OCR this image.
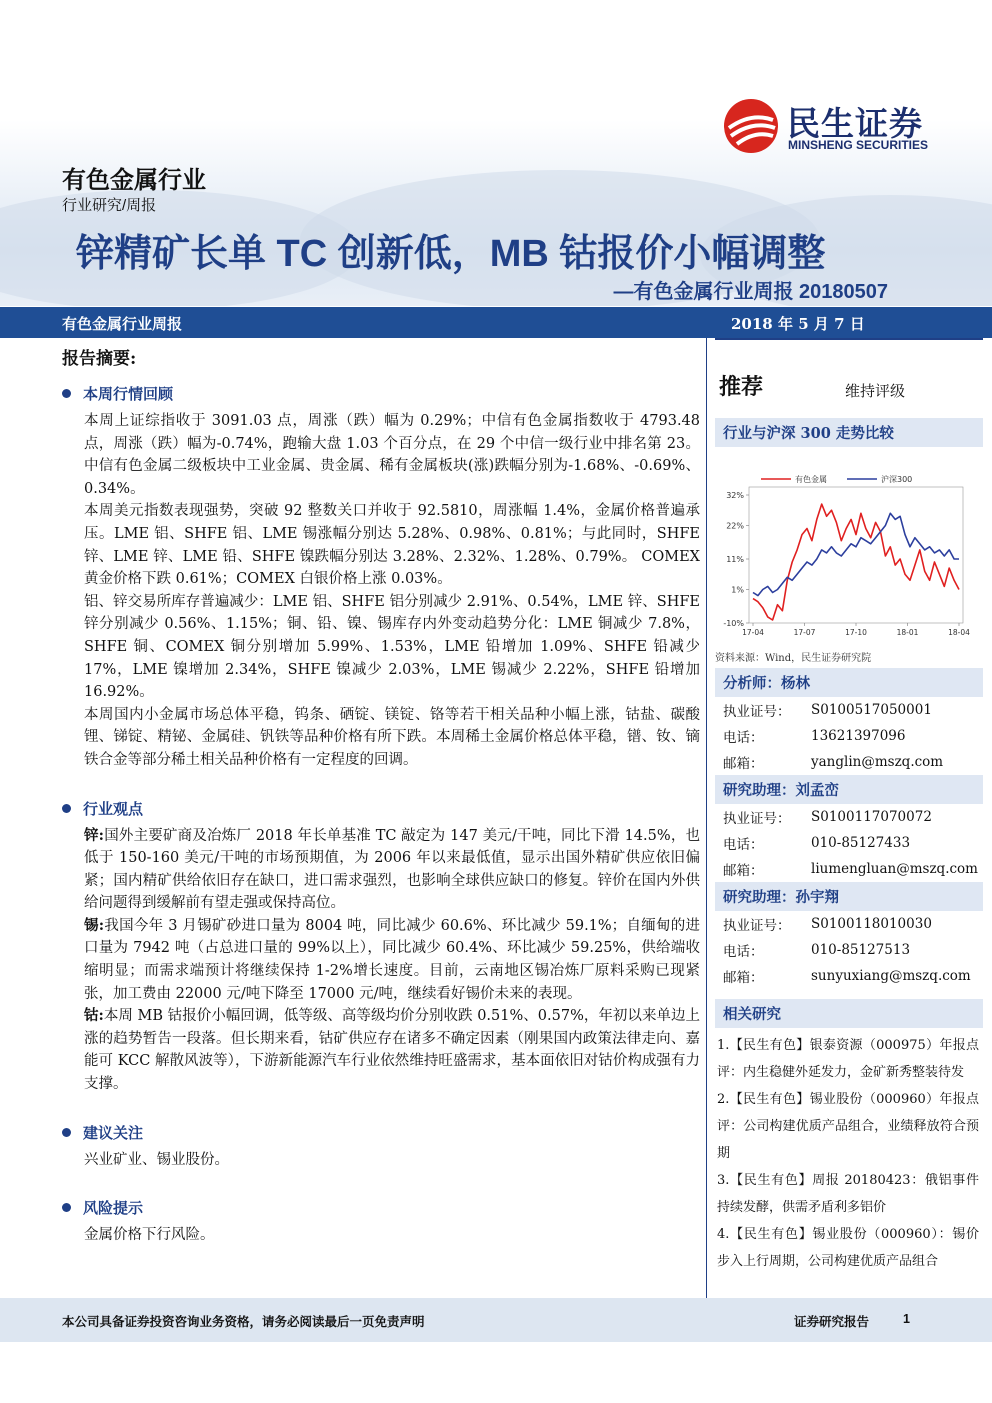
民生证券
MINSHENG SECURITIES
有色金属行业
行业研究/周报
锌精矿长单 TC 创新低，MB 钴报价小幅调整
—有色金属行业周报 20180507
有色金属行业周报	2018 年 5 月 7 日
报告摘要:
本周行情回顾

本周上证综指收于 3091.03 点，周涨（跌）幅为 0.29%；中信有色金属指数收于 4793.48 点，周涨（跌）幅为-0.74%，跑输大盘 1.03 个百分点，在 29 个中信一级行业中排名第 23。中信有色金属二级板块中工业金属、贵金属、稀有金属板块(涨)跌幅分别为-1.68%、-0.69%、0.34%。

本周美元指数表现强势，突破 92 整数关口并收于 92.5810，周涨幅 1.4%，金属价格普遍承压。LME 铝、SHFE 铝、LME 锡涨幅分别达 5.28%、0.98%、0.81%；与此同时，SHFE 锌、LME 锌、LME 铅、SHFE 镍跌幅分别达 3.28%、2.32%、1.28%、0.79%。 COMEX 黄金价格下跌 0.61%；COMEX 白银价格上涨 0.03%。

铝、锌交易所库存普遍减少：LME 铝、SHFE 铝分别减少 2.91%、0.54%，LME 锌、SHFE 锌分别减少 0.56%、1.15%；铜、铅、镍、锡库存内外变动趋势分化：LME 铜减少 7.8%，SHFE 铜、COMEX 铜分别增加 5.99%、1.53%，LME 铅增加 1.09%、SHFE 铅减少 17%，LME 镍增加 2.34%，SHFE 镍减少 2.03%，LME 锡减少 2.22%，SHFE 铅增加 16.92%。

本周国内小金属市场总体平稳，钨条、硒锭、镁锭、铬等若干相关品种小幅上涨，钴盐、碳酸锂、锑锭、精铋、金属硅、钒铁等品种价格有所下跌。本周稀土金属价格总体平稳，镨、钕、镝铁合金等部分稀土相关品种价格有一定程度的回调。

行业观点

锌:国外主要矿商及冶炼厂 2018 年长单基准 TC 敲定为 147 美元/干吨，同比下滑 14.5%，也低于 150-160 美元/干吨的市场预期值，为 2006 年以来最低值，显示出国外精矿供应依旧偏紧；国内精矿供给依旧存在缺口，进口需求强烈，也影响全球供应缺口的修复。锌价在国内外供给问题得到缓解前有望走强或保持高位。

锡:我国今年 3 月锡矿砂进口量为 8004 吨，同比减少 60.6%、环比减少 59.1%；自缅甸的进口量为 7942 吨（占总进口量的 99%以上），同比减少 60.4%、环比减少 59.25%，供给端收缩明显；而需求端预计将继续保持 1-2%增长速度。目前，云南地区锡冶炼厂原料采购已现紧张，加工费由 22000 元/吨下降至 17000 元/吨，继续看好锡价未来的表现。

钴:本周 MB 钴报价小幅回调，低等级、高等级均价分别收跌 0.51%、0.57%，年初以来单边上涨的趋势暂告一段落。但长期来看，钴矿供应存在诸多不确定因素（刚果国内政策法律走向、嘉能可 KCC 解散风波等），下游新能源汽车行业依然维持旺盛需求，基本面依旧对钴价构成强有力支撑。

建议关注

兴业矿业、锡业股份。

风险提示

金属价格下行风险。

推荐	维持评级
行业与沪深 300 走势比较
有色金属	沪深300
32%
22%
11%
1%
-10%
17-04	17-07	17-10	18-01	18-04
资料来源：Wind，民生证券研究院
分析师：杨林
执业证号：	S0100517050001
电话：	13621397096
邮箱：	yanglin@mszq.com
研究助理：刘孟峦
执业证号：	S0100117070072
电话：	010-85127433
邮箱：	liumengluan@mszq.com
研究助理：孙宇翔
执业证号：	S0100118010030
电话：	010-85127513
邮箱：	sunyuxiang@mszq.com
相关研究
1.【民生有色】银泰资源（000975）年报点评：内生稳健外延发力，金矿新秀整装待发
2.【民生有色】锡业股份（000960）年报点评：公司构建优质产品组合，业绩释放符合预期
3.【民生有色】周报 20180423：俄铝事件持续发酵，供需矛盾利多铝价
4.【民生有色】锡业股份（000960）：锡价步入上行周期，公司构建优质产品组合
本公司具备证券投资咨询业务资格，请务必阅读最后一页免责声明	证券研究报告	1
